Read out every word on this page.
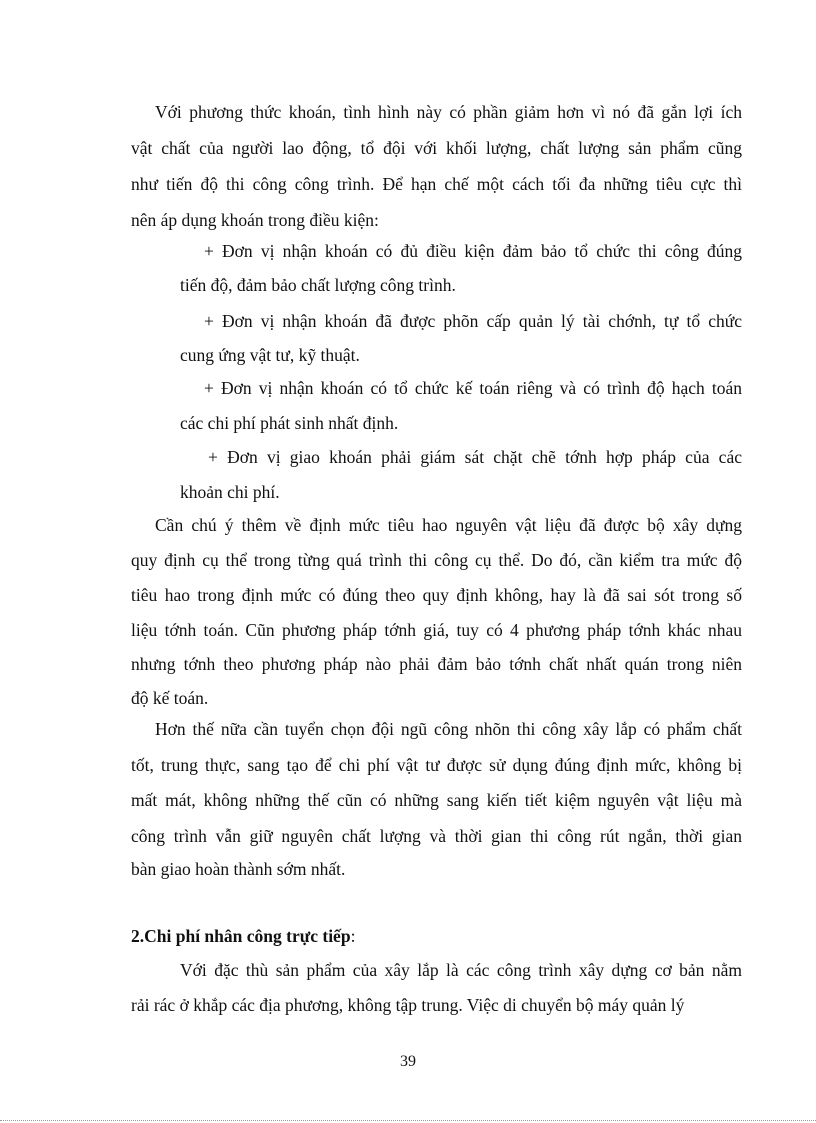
Với phương thức khoán, tình hình này có phần giảm hơn vì nó đã gắn lợi ích
vật chất của người lao động, tổ đội với khối lượng, chất lượng sản phẩm cũng
như tiến độ thi công công trình. Để hạn chế một cách tối đa những tiêu cực thì
nên áp dụng khoán trong điều kiện:
+ Đơn vị nhận khoán có đủ điều kiện đảm bảo tổ chức thi công đúng
tiến độ, đảm bảo chất lượng công trình.
+ Đơn vị nhận khoán đã được phõn cấp quản lý tài chớnh, tự tổ chức
cung ứng vật tư, kỹ thuật.
+ Đơn vị nhận khoán có tổ chức kế toán riêng và có trình độ hạch toán
các chi phí phát sinh nhất định.
+ Đơn vị giao khoán phải giám sát chặt chẽ tớnh hợp pháp của các
khoản chi phí.
Cần chú ý thêm về định mức tiêu hao nguyên vật liệu đã được bộ xây dựng
quy định cụ thể trong từng quá trình thi công cụ thể. Do đó, cần kiểm tra mức độ
tiêu hao trong định mức có đúng theo quy định không, hay là đã sai sót trong số
liệu tớnh toán. Cũn phương pháp tớnh giá, tuy có 4 phương pháp tớnh khác nhau
nhưng tớnh theo phương pháp nào phải đảm bảo tớnh chất nhất quán trong niên
độ kế toán.
Hơn thế nữa cần tuyển chọn đội ngũ công nhõn thi công xây lắp có phẩm chất
tốt, trung thực, sang tạo để chi phí vật tư được sử dụng đúng định mức, không bị
mất mát, không những thế cũn có những sang kiến tiết kiệm nguyên vật liệu mà
công trình vẫn giữ nguyên chất lượng và thời gian thi công rút ngắn, thời gian
bàn giao hoàn thành sớm nhất.
2.Chi phí nhân công trực tiếp:
Với đặc thù sản phẩm của xây lắp là các công trình xây dựng cơ bản nằm
rải rác ở khắp các địa phương, không tập trung. Việc di chuyển bộ máy quản lý
39
